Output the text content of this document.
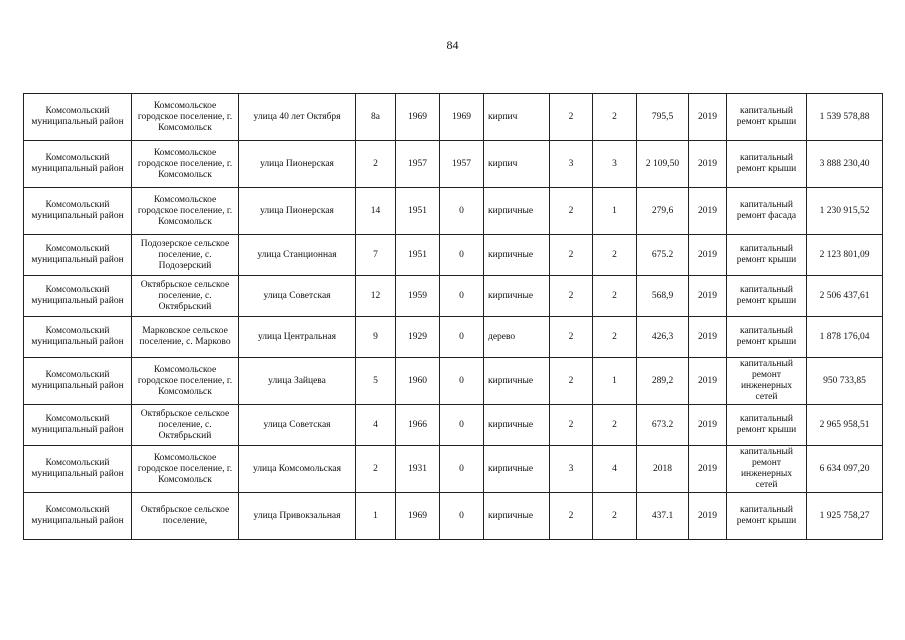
84
Комсомольский муниципальный район	Комсомольское городское поселение, г. Комсомольск	улица 40 лет Октября	8а	1969	1969	кирпич	2	2	795,5	2019	капитальный ремонт крыши	1 539 578,88
Комсомольский муниципальный район	Комсомольское городское поселение, г. Комсомольск	улица Пионерская	2	1957	1957	кирпич	3	3	2 109,50	2019	капитальный ремонт крыши	3 888 230,40
Комсомольский муниципальный район	Комсомольское городское поселение, г. Комсомольск	улица Пионерская	14	1951	0	кирпичные	2	1	279,6	2019	капитальный ремонт фасада	1 230 915,52
Комсомольский муниципальный район	Подозерское сельское поселение, с. Подозерский	улица Станционная	7	1951	0	кирпичные	2	2	675.2	2019	капитальный ремонт крыши	2 123 801,09
Комсомольский муниципальный район	Октябрьское сельское поселение, с. Октябрьский	улица Советская	12	1959	0	кирпичные	2	2	568,9	2019	капитальный ремонт крыши	2 506 437,61
Комсомольский муниципальный район	Марковское сельское поселение, с. Марково	улица Центральная	9	1929	0	дерево	2	2	426,3	2019	капитальный ремонт крыши	1 878 176,04
Комсомольский муниципальный район	Комсомольское городское поселение, г. Комсомольск	улица Зайцева	5	1960	0	кирпичные	2	1	289,2	2019	капитальный ремонт инженерных сетей	950 733,85
Комсомольский муниципальный район	Октябрьское сельское поселение, с. Октябрьский	улица Советская	4	1966	0	кирпичные	2	2	673.2	2019	капитальный ремонт крыши	2 965 958,51
Комсомольский муниципальный район	Комсомольское городское поселение, г. Комсомольск	улица Комсомольская	2	1931	0	кирпичные	3	4	2018	2019	капитальный ремонт инженерных сетей	6 634 097,20
Комсомольский муниципальный район	Октябрьское сельское поселение,	улица Привокзальная	1	1969	0	кирпичные	2	2	437.1	2019	капитальный ремонт крыши	1 925 758,27
